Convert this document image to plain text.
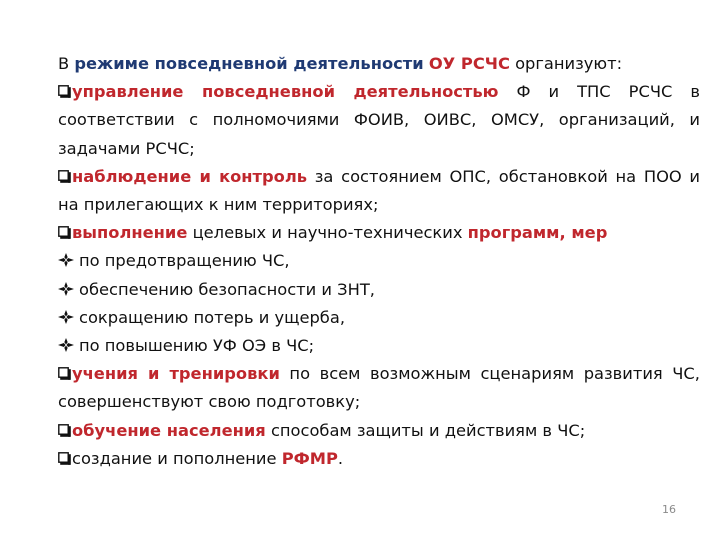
В режиме повседневной деятельности ОУ РСЧС организуют:

управление повседневной деятельностью Ф и ТПС РСЧС в соответствии с полномочиями ФОИВ, ОИВС, ОМСУ, организаций, и задачами РСЧС;

наблюдение и контроль за состоянием ОПС, обстановкой на ПОО и на прилегающих к ним территориях;

выполнение целевых и научно-технических программ, мер

по предотвращению ЧС,

обеспечению безопасности и ЗНТ,

сокращению потерь и ущерба,

по повышению УФ ОЭ в ЧС;

учения и тренировки по всем возможным сценариям развития ЧС, совершенствуют свою подготовку;

обучение населения способам защиты и действиям в ЧС;

создание и пополнение РФМР.

16
